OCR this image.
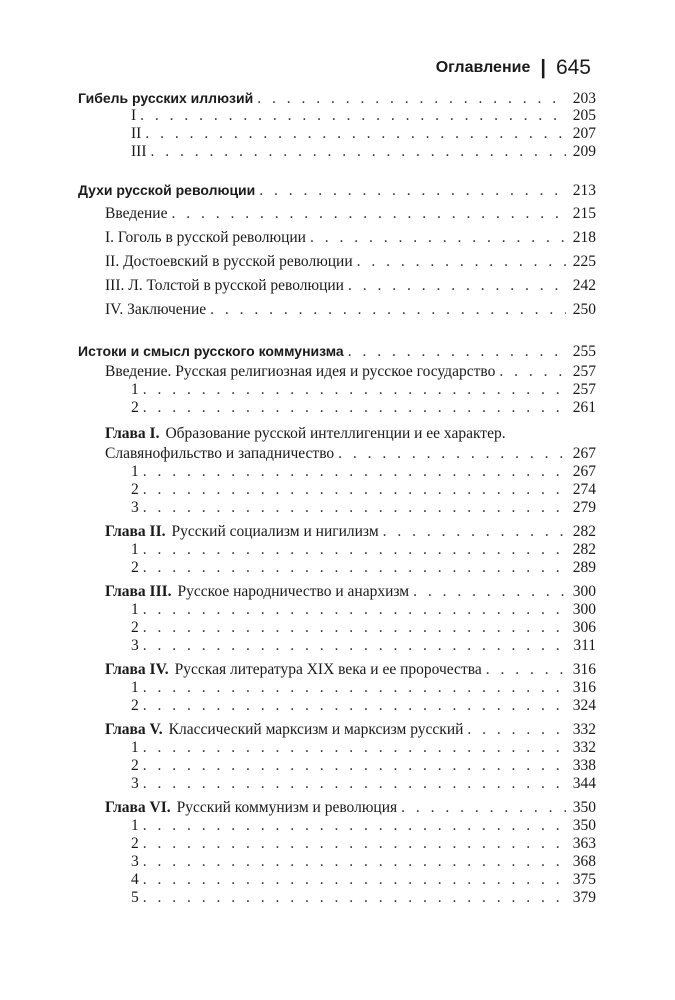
Оглавление | 645
Гибель русских иллюзий . . .	203
I . . .	205
II . . .	207
III . . .	209
Духи русской революции . . .	213
Введение . . .	215
I. Гоголь в русской революции . . .	218
II. Достоевский в русской революции . . .	225
III. Л. Толстой в русской революции . . .	242
IV. Заключение . . .	250
Истоки и смысл русского коммунизма . . .	255
Введение. Русская религиозная идея и русское государство . . .	257
1 . . .	257
2 . . .	261
Глава I. Образование русской интеллигенции и ее характер.
Славянофильство и западничество . . .	267
1 . . .	267
2 . . .	274
3 . . .	279
Глава II. Русский социализм и нигилизм . . .	282
1 . . .	282
2 . . .	289
Глава III. Русское народничество и анархизм . . .	300
1 . . .	300
2 . . .	306
3 . . .	311
Глава IV. Русская литература XIX века и ее пророчества . . .	316
1 . . .	316
2 . . .	324
Глава V. Классический марксизм и марксизм русский . . .	332
1 . . .	332
2 . . .	338
3 . . .	344
Глава VI. Русский коммунизм и революция . . .	350
1 . . .	350
2 . . .	363
3 . . .	368
4 . . .	375
5 . . .	379
